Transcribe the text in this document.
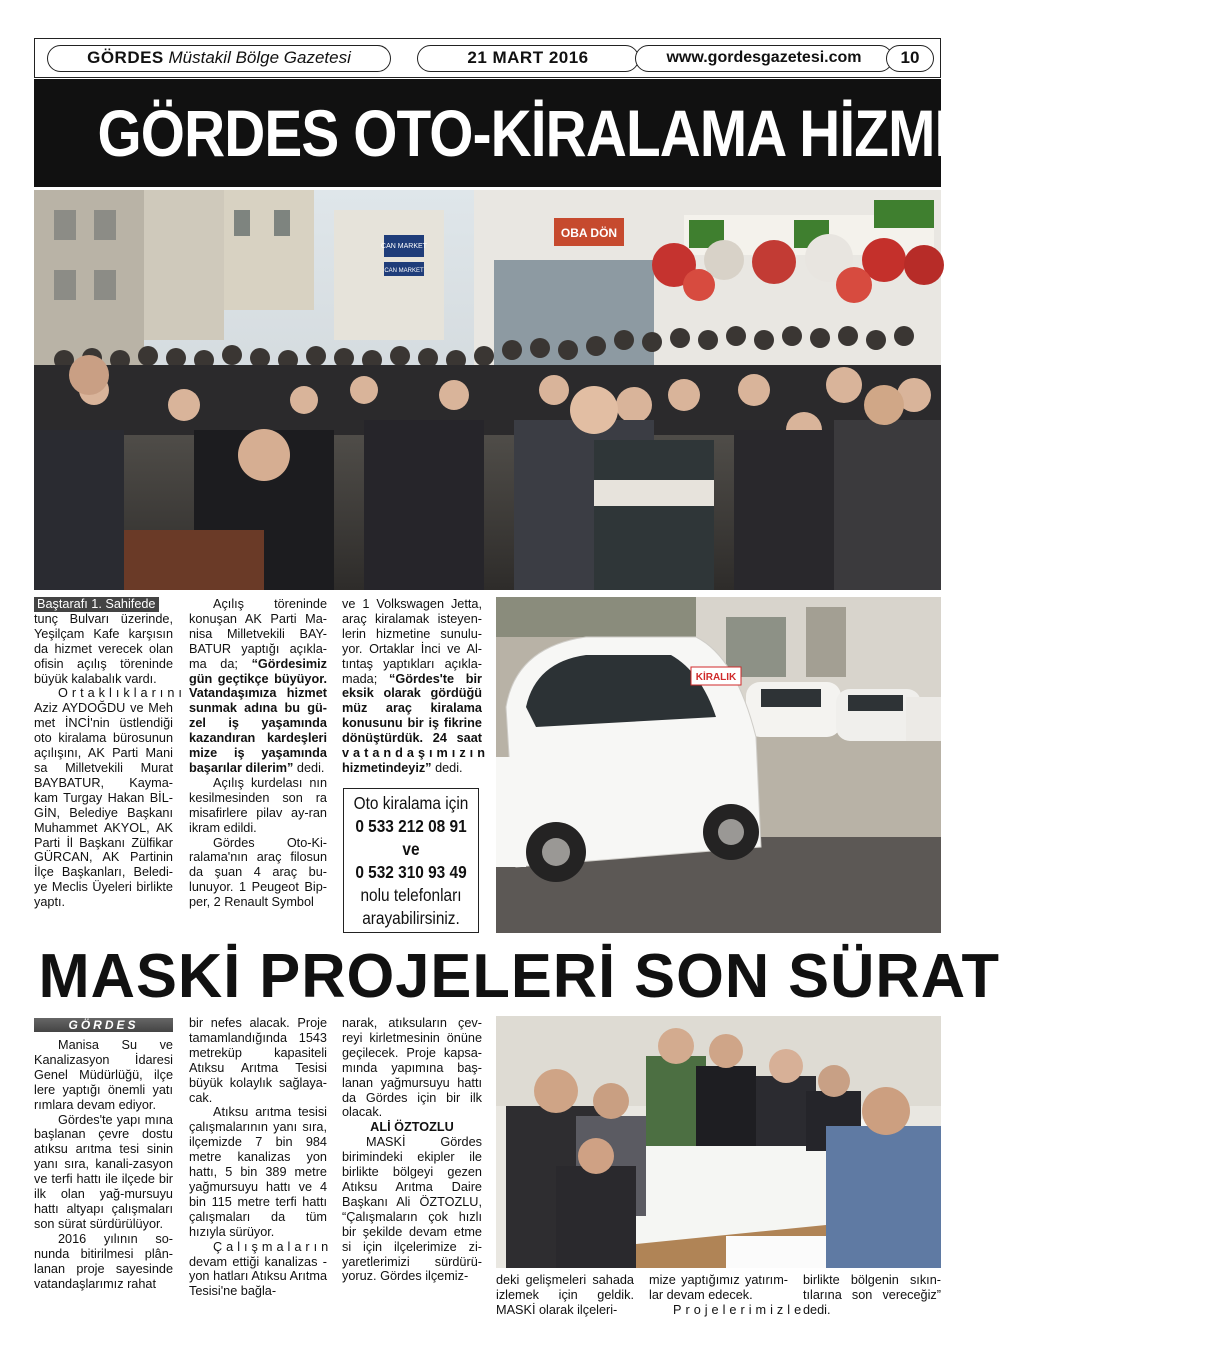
GÖRDES Müstakil Bölge Gazetesi	21 MART 2016	www.gordesgazetesi.com	10
GÖRDES OTO-KİRALAMA HİZMETE GİRDİ
CAN MARKET
CAN MARKET
OBA DÖN

Baştarafı 1. Sahifedetunç Bulvarı üzerinde, Yeşilçam Kafe karşısın da hizmet verecek olan ofisin açılış töreninde büyük kalabalık vardı.

Ortaklıklarını

Aziz AYDOĞDU ve Meh met İNCİ'nin üstlendiği oto kiralama bürosunun açılışını, AK Parti Mani sa Milletvekili Murat BAYBATUR, Kayma-kam Turgay Hakan BİL-GİN, Belediye Başkanı Muhammet AKYOL, AK Parti İl Başkanı Zülfikar GÜRCAN, AK Partinin İlçe Başkanları, Beledi-ye Meclis Üyeleri birlikte yaptı.

Açılış töreninde konuşan AK Parti Ma-nisa Milletvekili BAY-BATUR yaptığı açıkla-ma da; “Gördesimiz gün geçtikçe büyüyor. Vatandaşımıza hizmet sunmak adına bu gü-zel iş yaşamında kazandıran kardeşleri mize iş yaşamında başarılar dilerim” dedi.

Açılış kurdelası nın kesilmesinden son ra misafirlere pilav ay-ran ikram edildi.

Gördes Oto-Ki-ralama'nın araç filosun da şuan 4 araç bu-lunuyor. 1 Peugeot Bip-per, 2 Renault Symbol

ve 1 Volkswagen Jetta, araç kiralamak isteyen-lerin hizmetine sunulu-yor. Ortaklar İnci ve Al-tıntaş yaptıkları açıkla-mada; “Gördes'te bir eksik olarak gördüğü müz araç kiralama konusunu bir iş fikrine dönüştürdük. 24 saat vatandaşımızın hizmetindeyiz” dedi.

Oto kiralama için
0 533 212 08 91
ve
0 532 310 93 49
nolu telefonları
arayabilirsiniz.
KİRALIK
MASKİ PROJELERİ SON SÜRAT
GÖRDES

Manisa Su ve Kanalizasyon İdaresi Genel Müdürlüğü, ilçe lere yaptığı önemli yatı rımlara devam ediyor.

Gördes'te yapı mına başlanan çevre dostu atıksu arıtma tesi sinin yanı sıra, kanali-zasyon ve terfi hattı ile ilçede bir ilk olan yağ-mursuyu hattı altyapı çalışmaları son sürat sürdürülüyor.

2016 yılının so-nunda bitirilmesi plân-lanan proje sayesinde vatandaşlarımız rahat

bir nefes alacak. Proje tamamlandığında 1543 metreküp kapasiteli Atıksu Arıtma Tesisi büyük kolaylık sağlaya-cak.

Atıksu arıtma tesisi çalışmalarının yanı sıra, ilçemizde 7 bin 984 metre kanalizas yon hattı, 5 bin 389 metre yağmursuyu hattı ve 4 bin 115 metre terfi hattı çalışmaları da tüm hızıyla sürüyor.

Çalışmaların

devam ettiği kanalizas -yon hatları Atıksu Arıtma Tesisi'ne bağla-

narak, atıksuların çev-reyi kirletmesinin önüne geçilecek. Proje kapsa-mında yapımına baş-lanan yağmursuyu hattı da Gördes için bir ilk olacak.

ALİ ÖZTOZLU

MASKİ Gördes birimindeki ekipler ile birlikte bölgeyi gezen Atıksu Arıtma Daire Başkanı Ali ÖZTOZLU, “Çalışmaların çok hızlı bir şekilde devam etme si için ilçelerimize zi-yaretlerimizi sürdürü-yoruz. Gördes ilçemiz-	deki gelişmeleri sahada izlemek için geldik. MASKİ olarak ilçeleri-

mize yaptığımız yatırım-lar devam edecek.

Projelerimizle

birlikte bölgenin sıkın-tılarına son vereceğiz” dedi.
